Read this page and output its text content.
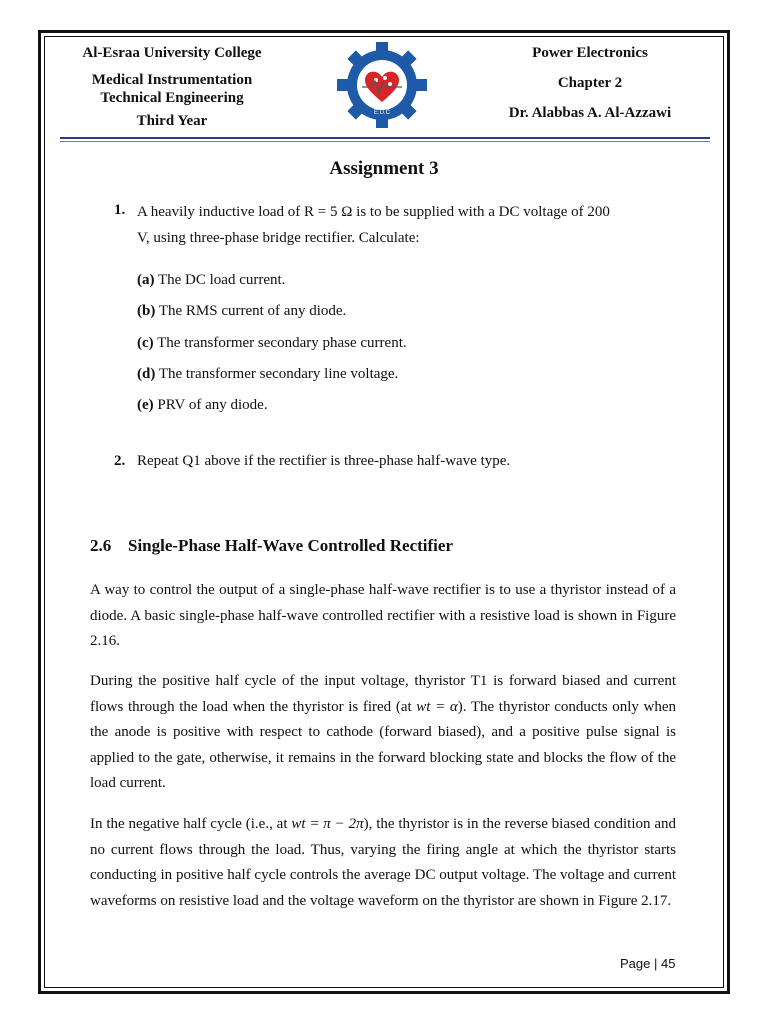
Al-Esraa University College
Medical Instrumentation
Technical Engineering
Third Year	E.U.C
Power Electronics
Chapter 2
Dr. Alabbas A. Al-Azzawi
Assignment 3
1. A heavily inductive load of R = 5 Ω is to be supplied with a DC voltage of 200
V, using three-phase bridge rectifier. Calculate:
(a) The DC load current.
(b) The RMS current of any diode.
(c) The transformer secondary phase current.
(d) The transformer secondary line voltage.
(e) PRV of any diode.
2. Repeat Q1 above if the rectifier is three-phase half-wave type.
2.6 Single-Phase Half-Wave Controlled Rectifier
A way to control the output of a single-phase half-wave rectifier is to use a thyristor instead of a diode. A basic single-phase half-wave controlled rectifier with a resistive load is shown in Figure 2.16.
During the positive half cycle of the input voltage, thyristor T1 is forward biased and current flows through the load when the thyristor is fired (at wt = α). The thyristor conducts only when the anode is positive with respect to cathode (forward biased), and a positive pulse signal is applied to the gate, otherwise, it remains in the forward blocking state and blocks the flow of the load current.
In the negative half cycle (i.e., at wt = π − 2π), the thyristor is in the reverse biased condition and no current flows through the load. Thus, varying the firing angle at which the thyristor starts conducting in positive half cycle controls the average DC output voltage. The voltage and current waveforms on resistive load and the voltage waveform on the thyristor are shown in Figure 2.17.
Page | 45
